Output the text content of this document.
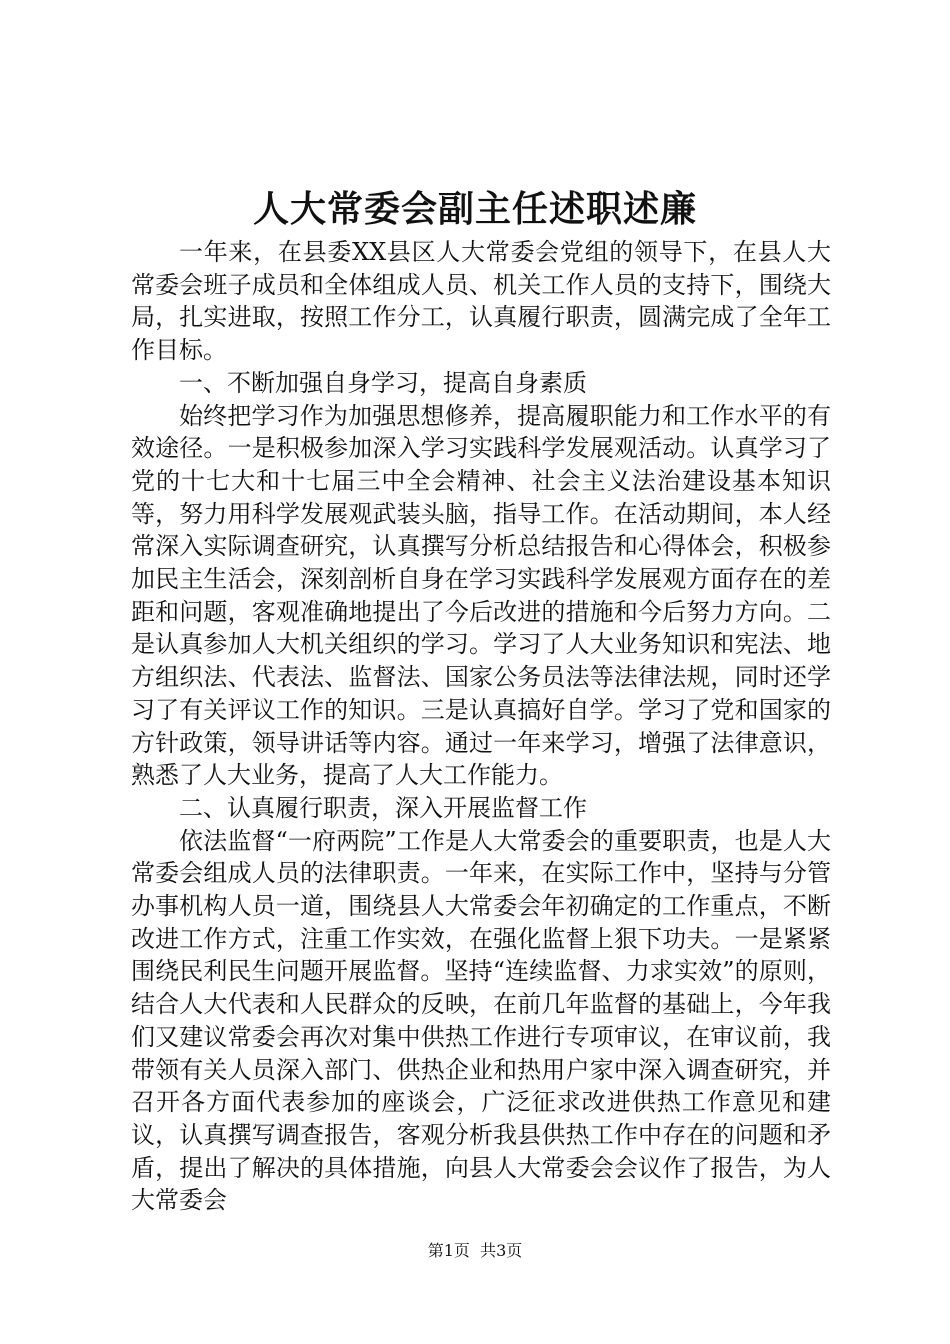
人大常委会副主任述职述廉

一年来，在县委XX县区人大常委会党组的领导下，在县人大常委会班子成员和全体组成人员、机关工作人员的支持下，围绕大局，扎实进取，按照工作分工，认真履行职责，圆满完成了全年工作目标。

一、不断加强自身学习，提高自身素质

始终把学习作为加强思想修养，提高履职能力和工作水平的有效途径。一是积极参加深入学习实践科学发展观活动。认真学习了党的十七大和十七届三中全会精神、社会主义法治建设基本知识等，努力用科学发展观武装头脑，指导工作。在活动期间，本人经常深入实际调查研究，认真撰写分析总结报告和心得体会，积极参加民主生活会，深刻剖析自身在学习实践科学发展观方面存在的差距和问题，客观准确地提出了今后改进的措施和今后努力方向。二是认真参加人大机关组织的学习。学习了人大业务知识和宪法、地方组织法、代表法、监督法、国家公务员法等法律法规，同时还学习了有关评议工作的知识。三是认真搞好自学。学习了党和国家的方针政策，领导讲话等内容。通过一年来学习，增强了法律意识，熟悉了人大业务，提高了人大工作能力。

二、认真履行职责，深入开展监督工作

依法监督“一府两院”工作是人大常委会的重要职责，也是人大常委会组成人员的法律职责。一年来，在实际工作中，坚持与分管办事机构人员一道，围绕县人大常委会年初确定的工作重点，不断改进工作方式，注重工作实效，在强化监督上狠下功夫。一是紧紧围绕民利民生问题开展监督。坚持“连续监督、力求实效”的原则，结合人大代表和人民群众的反映，在前几年监督的基础上，今年我们又建议常委会再次对集中供热工作进行专项审议，在审议前，我带领有关人员深入部门、供热企业和热用户家中深入调查研究，并召开各方面代表参加的座谈会，广泛征求改进供热工作意见和建议，认真撰写调查报告，客观分析我县供热工作中存在的问题和矛盾，提出了解决的具体措施，向县人大常委会会议作了报告，为人大常委会

第1页 共3页
